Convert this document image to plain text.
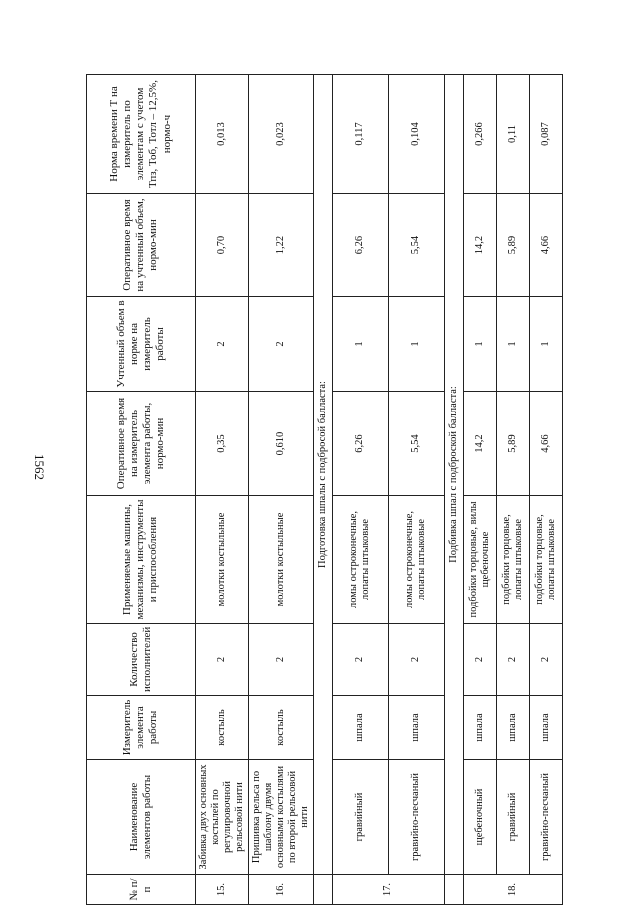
1562
№ п/п	Наименование элементов работы	Измеритель элемента работы	Количество исполнителей	Применяемые машины, механизмы, инструменты и приспособления	Оперативное время на измеритель элемента работы, нормо-мин	Учтенный объем в норме на измеритель работы	Оперативное время на учтенный объем, нормо-мин	Норма времени Т на измеритель по элементам с учетом Тпз, Тоб, Тотл – 12,5%, нормо-ч
15.	Забивка двух основных костылей по регулировочной рельсовой нити	костыль	2	молотки костыльные	0,35	2	0,70	0,013
16.	Пришивка рельса по шаблону двумя основными костылями по второй рельсовой нити	костыль	2	молотки костыльные	0,610	2	1,22	0,023
	Подготовка шпалы с подбросой балласта:							
17.	гравийный	шпала	2	ломы остроконечные, лопаты штыковые	6,26	1	6,26	0,117
	гравийно-песчаный	шпала	2	ломы остроконечные, лопаты штыковые	5,54	1	5,54	0,104
	Подбивка шпал с подброской балласта:							
18.	щебеночный	шпала	2	подбойки торцовые, вилы щебеночные	14,2	1	14,2	0,266
	гравийный	шпала	2	подбойки торцовые, лопаты штыковые	5,89	1	5,89	0,11
	гравийно-песчаный	шпала	2	подбойки торцовые, лопаты штыковые	4,66	1	4,66	0,087
